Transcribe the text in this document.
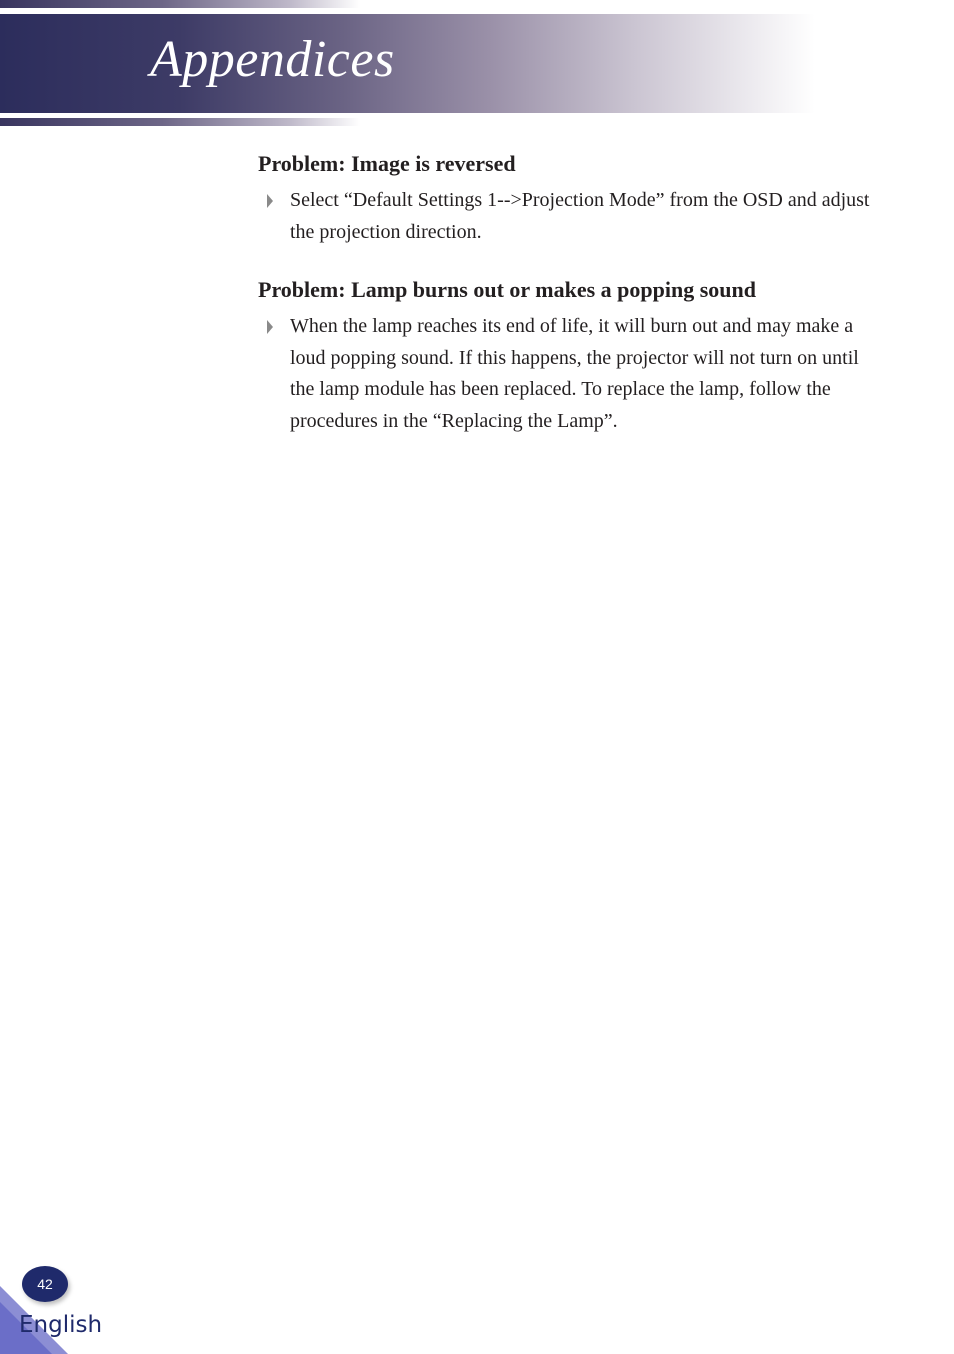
Appendices
Problem: Image is reversed
Select “Default Settings 1-->Projection Mode” from the OSD and adjust the projection direction.
Problem: Lamp burns out or makes a popping sound
When the lamp reaches its end of life, it will burn out and may make a loud popping sound. If this happens, the projector will not turn on until the lamp module has been replaced. To replace the lamp, follow the procedures in the “Replacing the Lamp”.
42
English
